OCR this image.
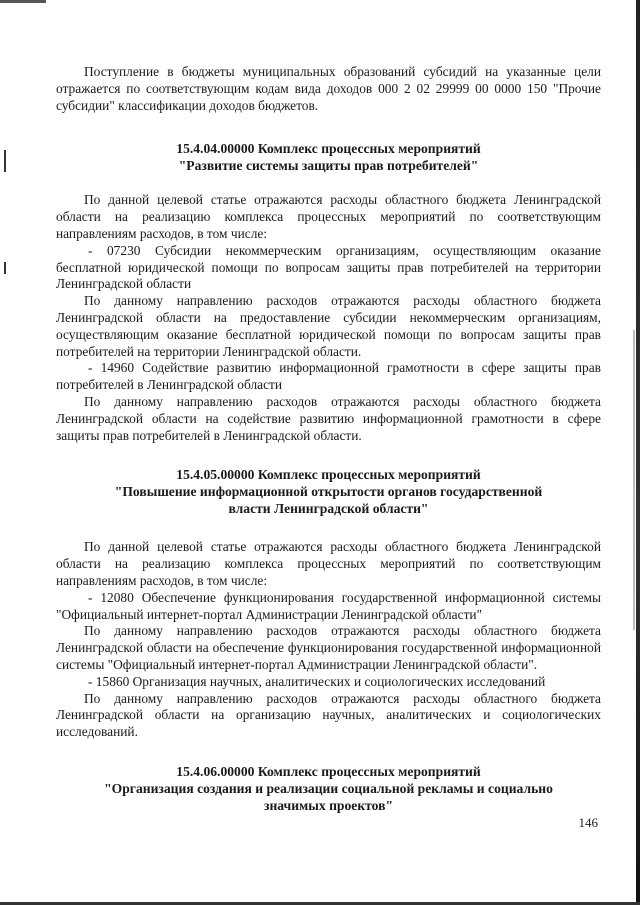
Поступление в бюджеты муниципальных образований субсидий на указанные цели отражается по соответствующим кодам вида доходов 000 2 02 29999 00 0000 150 "Прочие субсидии" классификации доходов бюджетов.

15.4.04.00000 Комплекс процессных мероприятий
"Развитие системы защиты прав потребителей"

По данной целевой статье отражаются расходы областного бюджета Ленинградской области на реализацию комплекса процессных мероприятий по соответствующим направлениям расходов, в том числе:

- 07230 Субсидии некоммерческим организациям, осуществляющим оказание бесплатной юридической помощи по вопросам защиты прав потребителей на территории Ленинградской области

По данному направлению расходов отражаются расходы областного бюджета Ленинградской области на предоставление субсидии некоммерческим организациям, осуществляющим оказание бесплатной юридической помощи по вопросам защиты прав потребителей на территории Ленинградской области.

- 14960 Содействие развитию информационной грамотности в сфере защиты прав потребителей в Ленинградской области

По данному направлению расходов отражаются расходы областного бюджета Ленинградской области на содействие развитию информационной грамотности в сфере защиты прав потребителей в Ленинградской области.

15.4.05.00000 Комплекс процессных мероприятий
"Повышение информационной открытости органов государственной
власти Ленинградской области"

По данной целевой статье отражаются расходы областного бюджета Ленинградской области на реализацию комплекса процессных мероприятий по соответствующим направлениям расходов, в том числе:

- 12080 Обеспечение функционирования государственной информационной системы "Официальный интернет-портал Администрации Ленинградской области"

По данному направлению расходов отражаются расходы областного бюджета Ленинградской области на обеспечение функционирования государственной информационной системы "Официальный интернет-портал Администрации Ленинградской области".

- 15860 Организация научных, аналитических и социологических исследований

По данному направлению расходов отражаются расходы областного бюджета Ленинградской области на организацию научных, аналитических и социологических исследований.

15.4.06.00000 Комплекс процессных мероприятий
"Организация создания и реализации социальной рекламы и социально
значимых проектов"
146
